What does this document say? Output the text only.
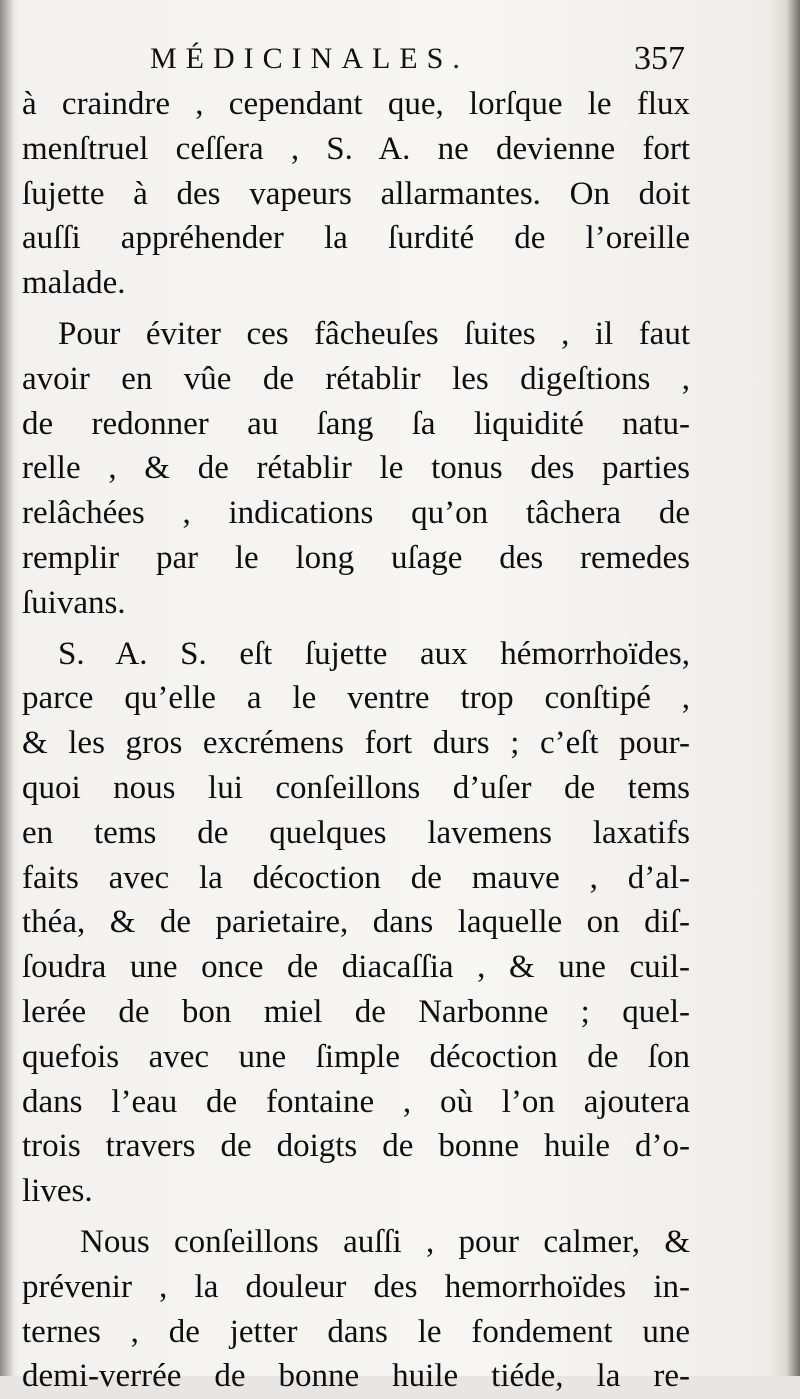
MÉDICINALES.	357
à craindre , cependant que, lorſque le flux
menſtruel ceſſera , S. A. ne devienne fort
ſujette à des vapeurs allarmantes. On doit
auſſi appréhender la ſurdité de l’oreille
malade.
Pour éviter ces fâcheuſes ſuites , il faut
avoir en vûe de rétablir les digeſtions ,
de redonner au ſang ſa liquidité natu-
relle , & de rétablir le tonus des parties
relâchées , indications qu’on tâchera de
remplir par le long uſage des remedes
ſuivans.
S. A. S. eſt ſujette aux hémorrhoïdes,
parce qu’elle a le ventre trop conſtipé ,
& les gros excrémens fort durs ; c’eſt pour-
quoi nous lui conſeillons d’uſer de tems
en tems de quelques lavemens laxatifs
faits avec la décoction de mauve , d’al-
théa, & de parietaire, dans laquelle on diſ-
ſoudra une once de diacaſſia , & une cuil-
lerée de bon miel de Narbonne ; quel-
quefois avec une ſimple décoction de ſon
dans l’eau de fontaine , où l’on ajoutera
trois travers de doigts de bonne huile d’o-
lives.
Nous conſeillons auſſi , pour calmer, &
prévenir , la douleur des hemorrhoïdes in-
ternes , de jetter dans le fondement une
demi-verrée de bonne huile tiéde, la re-
